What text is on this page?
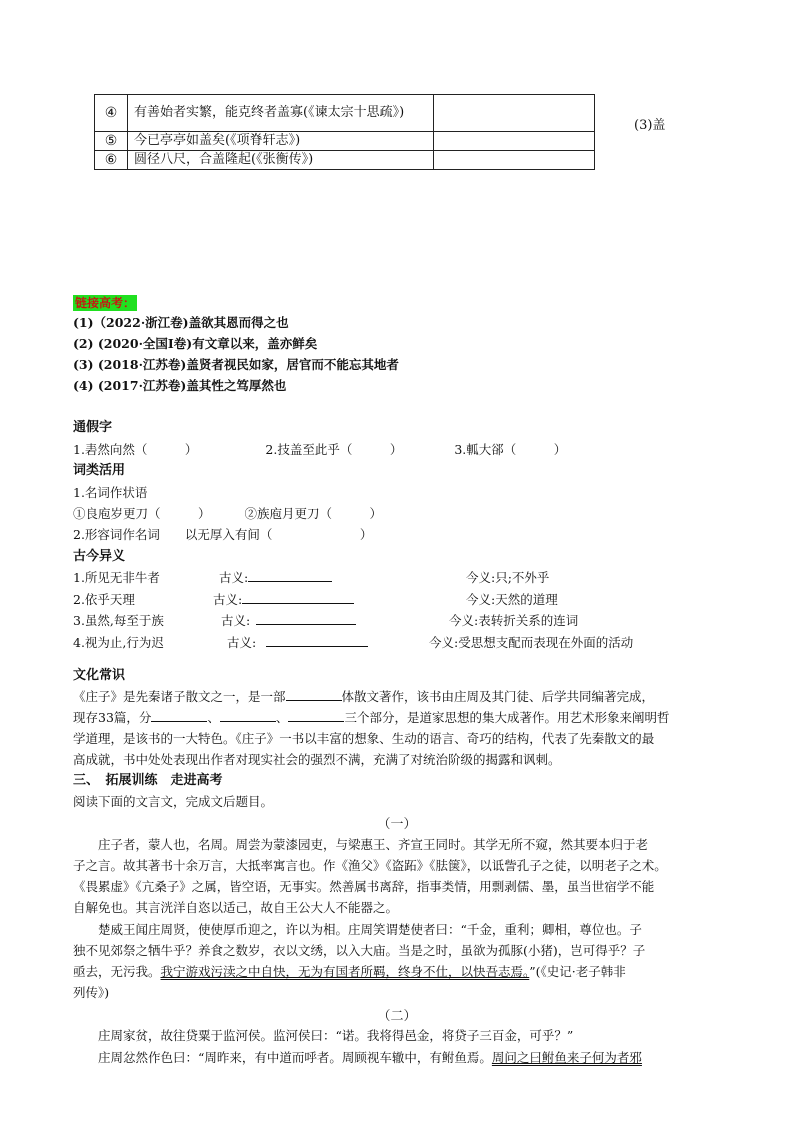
④	有善始者实繁，能克终者盖寡(《谏太宗十思疏》)	
⑤	今已亭亭如盖矣(《项脊轩志》)	
⑥	圆径八尺，合盖隆起(《张衡传》)	
(3)盖
链接高考：
(1)（2022·浙江卷)盖欲其恩而得之也
(2) (2020·全国Ⅰ卷)有文章以来，盖亦鲜矣
(3) (2018·江苏卷)盖贤者视民如家，居官而不能忘其地者
(4) (2017·江苏卷)盖其性之笃厚然也
通假字
1.砉然向然（　　　）	2.技盖至此乎（　　　）	3.軱大郤（　　　）
词类活用
1.名词作状语
①良庖岁更刀（　　　）	②族庖月更刀（　　　）
2.形容词作名词　　以无厚入有间（　　　　　　　）
古今异义
1.所见无非牛者	古义:	今义:只;不外乎
2.依乎天理	古义:	今义:天然的道理
3.虽然,每至于族	古义:	今义:表转折关系的连词
4.视为止,行为迟	古义:	今义:受思想支配而表现在外面的活动
文化常识
《庄子》是先秦诸子散文之一，是一部	体散文著作，该书由庄周及其门徒、后学共同编著完成，
现存33篇，分	、	、	三个部分，是道家思想的集大成著作。用艺术形象来阐明哲
学道理，是该书的一大特色。《庄子》一书以丰富的想象、生动的语言、奇巧的结构，代表了先秦散文的最
高成就，书中处处表现出作者对现实社会的强烈不满，充满了对统治阶级的揭露和讽刺。
三、　拓展训练　走进高考
阅读下面的文言文，完成文后题目。
（一）
　　庄子者，蒙人也，名周。周尝为蒙漆园吏，与梁惠王、齐宣王同时。其学无所不窥，然其要本归于老
子之言。故其著书十余万言，大抵率寓言也。作《渔父》《盗跖》《胠箧》，以诋訾孔子之徒，以明老子之术。
《畏累虚》《亢桑子》之属，皆空语，无事实。然善属书离辞，指事类情，用剽剥儒、墨，虽当世宿学不能
自解免也。其言洸洋自恣以适己，故自王公大人不能器之。
　　楚威王闻庄周贤，使使厚币迎之，许以为相。庄周笑谓楚使者曰：“千金，重利；卿相，尊位也。子
独不见郊祭之牺牛乎？养食之数岁，衣以文绣，以入大庙。当是之时，虽欲为孤豚(小猪)，岂可得乎？子
亟去，无污我。我宁游戏污渎之中自快，无为有国者所羁，终身不仕，以快吾志焉。”(《史记·老子韩非
列传》)
（二）
　　庄周家贫，故往贷粟于监河侯。监河侯曰：“诺。我将得邑金，将贷子三百金，可乎？”
　　庄周忿然作色曰：“周昨来，有中道而呼者。周顾视车辙中，有鲋鱼焉。周问之曰鲋鱼来子何为者邪
